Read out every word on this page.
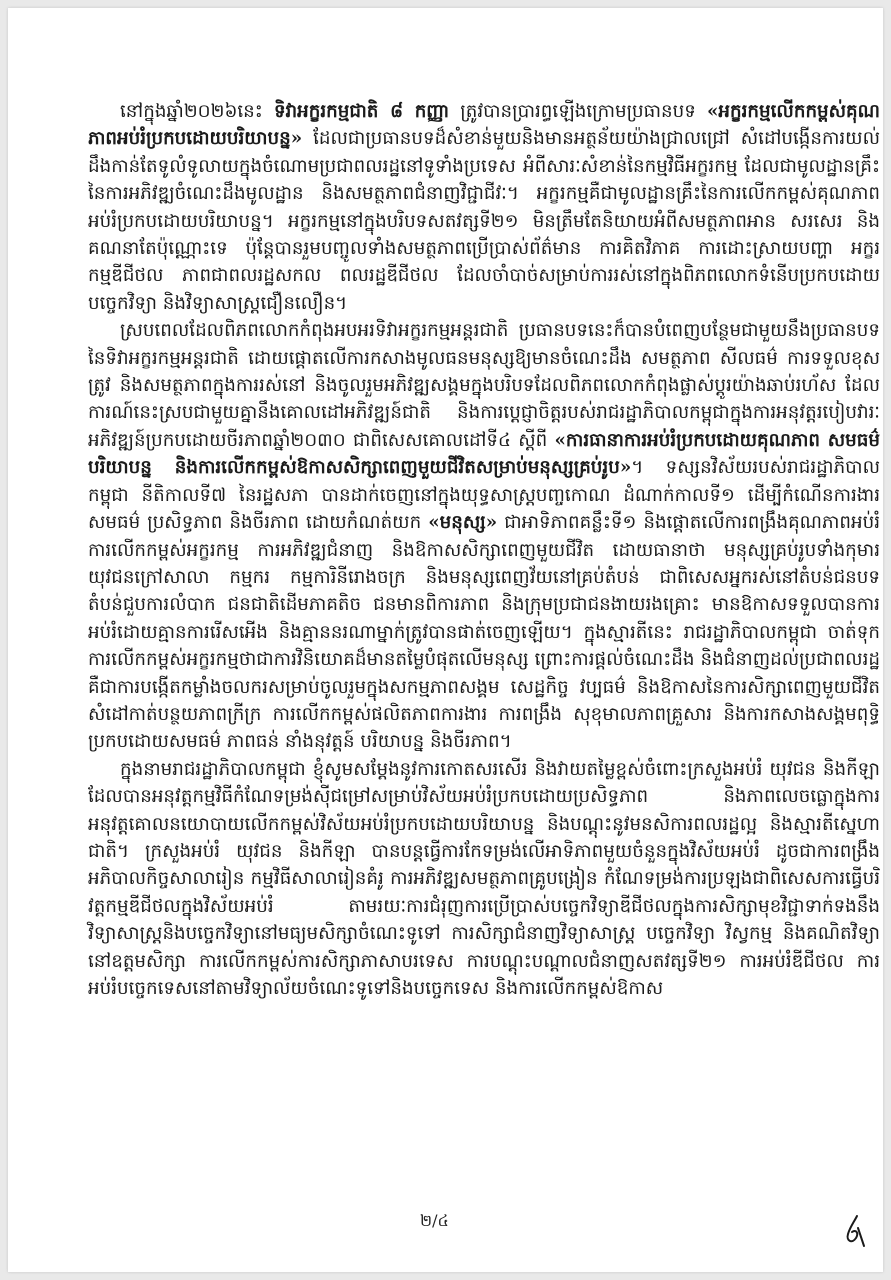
នៅក្នុងឆ្នាំ២០២៦នេះ ទិវាអក្ខរកម្មជាតិ ៨ កញ្ញា ត្រូវបានប្រារព្ធឡើងក្រោមប្រធានបទ «អក្ខរកម្មលើកកម្ពស់គុណភាពអប់រំប្រកបដោយបរិយាបន្ន» ដែលជាប្រធានបទដ៏សំខាន់មួយនិងមានអត្ថន័យយ៉ាងជ្រាលជ្រៅ សំដៅបង្កើនការយល់ដឹងកាន់តែទូលំទូលាយក្នុងចំណោមប្រជាពលរដ្ឋនៅទូទាំងប្រទេស អំពីសារៈសំខាន់នៃកម្មវិធីអក្ខរកម្ម ដែលជាមូលដ្ឋានគ្រឹះនៃការអភិវឌ្ឍចំណេះដឹងមូលដ្ឋាន និងសមត្ថភាពជំនាញវិជ្ជាជីវៈ។ អក្ខរកម្មគឺជាមូលដ្ឋានគ្រឹះនៃការលើកកម្ពស់គុណភាពអប់រំប្រកបដោយបរិយាបន្ន។ អក្ខរកម្មនៅក្នុងបរិបទសតវត្សទី២១ មិនត្រឹមតែនិយាយអំពីសមត្ថភាពអាន សរសេរ និងគណនាតែប៉ុណ្ណោះទេ ប៉ុន្តែបានរួមបញ្ចូលទាំងសមត្ថភាពប្រើប្រាស់ព័ត៌មាន ការគិតវិភាគ ការដោះស្រាយបញ្ហា អក្ខរកម្មឌីជីថល ភាពជាពលរដ្ឋសកល ពលរដ្ឋឌីជីថល ដែលចាំបាច់សម្រាប់ការរស់នៅក្នុងពិភពលោកទំនើបប្រកបដោយបច្ចេកវិទ្យា និងវិទ្យាសាស្ត្រជឿនលឿន។

ស្របពេលដែលពិភពលោកកំពុងអបអរទិវាអក្ខរកម្មអន្តរជាតិ ប្រធានបទនេះក៏បានបំពេញបន្ថែមជាមួយនឹងប្រធានបទនៃទិវាអក្ខរកម្មអន្តរជាតិ ដោយផ្តោតលើការកសាងមូលធនមនុស្សឱ្យមានចំណេះដឹង សមត្ថភាព សីលធម៌ ការទទួលខុសត្រូវ និងសមត្ថភាពក្នុងការរស់នៅ និងចូលរួមអភិវឌ្ឍសង្គមក្នុងបរិបទដែលពិភពលោកកំពុងផ្លាស់ប្តូរយ៉ាងឆាប់រហ័ស ដែលការណ៍នេះស្របជាមួយគ្នានឹងគោលដៅអភិវឌ្ឍន៍ជាតិ និងការប្តេជ្ញាចិត្តរបស់រាជរដ្ឋាភិបាលកម្ពុជាក្នុងការអនុវត្តរបៀបវារៈអភិវឌ្ឍន៍ប្រកបដោយចីរភាពឆ្នាំ២០៣០ ជាពិសេសគោលដៅទី៤ ស្តីពី «ការធានាការអប់រំប្រកបដោយគុណភាព សមធម៌ បរិយាបន្ន និងការលើកកម្ពស់ឱកាសសិក្សាពេញមួយជីវិតសម្រាប់មនុស្សគ្រប់រូប»។ ទស្សនវិស័យរបស់រាជរដ្ឋាភិបាលកម្ពុជា នីតិកាលទី៧ នៃរដ្ឋសភា បានដាក់ចេញនៅក្នុងយុទ្ធសាស្ត្របញ្ចកោណ ដំណាក់កាលទី១ ដើម្បីកំណើនការងារ សមធម៌ ប្រសិទ្ធភាព និងចីរភាព ដោយកំណត់យក «មនុស្ស» ជាអាទិភាពគន្លឹះទី១ និងផ្តោតលើការពង្រឹងគុណភាពអប់រំ ការលើកកម្ពស់អក្ខរកម្ម ការអភិវឌ្ឍជំនាញ និងឱកាសសិក្សាពេញមួយជីវិត ដោយធានាថា មនុស្សគ្រប់រូបទាំងកុមារ យុវជនក្រៅសាលា កម្មករ កម្មការិនីរោងចក្រ និងមនុស្សពេញវ័យនៅគ្រប់តំបន់ ជាពិសេសអ្នករស់នៅតំបន់ជនបទ តំបន់ជួបការលំបាក ជនជាតិដើមភាគតិច ជនមានពិការភាព និងក្រុមប្រជាជនងាយរងគ្រោះ មានឱកាសទទួលបានការអប់រំដោយគ្មានការរើសអើង និងគ្មាននរណាម្នាក់ត្រូវបានផាត់ចេញឡើយ។ ក្នុងស្មារតីនេះ រាជរដ្ឋាភិបាលកម្ពុជា ចាត់ទុកការលើកកម្ពស់អក្ខរកម្មថាជាការវិនិយោគដ៏មានតម្លៃបំផុតលើមនុស្ស ព្រោះការផ្តល់ចំណេះដឹង និងជំនាញដល់ប្រជាពលរដ្ឋ គឺជាការបង្កើតកម្លាំងចលករសម្រាប់ចូលរួមក្នុងសកម្មភាពសង្គម សេដ្ឋកិច្ច វប្បធម៌ និងឱកាសនៃការសិក្សាពេញមួយជីវិត សំដៅកាត់បន្ថយភាពក្រីក្រ ការលើកកម្ពស់ផលិតភាពការងារ ការពង្រឹង សុខុមាលភាពគ្រួសារ និងការកសាងសង្គមពុទ្ធិប្រកបដោយសមធម៌ ភាពធន់ នាំងនុវត្តន៍ បរិយាបន្ន និងចីរភាព។

ក្នុងនាមរាជរដ្ឋាភិបាលកម្ពុជា ខ្ញុំសូមសម្តែងនូវការកោតសរសើរ និងវាយតម្លៃខ្ពស់ចំពោះក្រសួងអប់រំ យុវជន និងកីឡា ដែលបានអនុវត្តកម្មវិធីកំណែទម្រង់ស៊ីជម្រៅសម្រាប់វិស័យអប់រំប្រកបដោយប្រសិទ្ធភាព និងភាពលេចធ្លោក្នុងការអនុវត្តគោលនយោបាយលើកកម្ពស់វិស័យអប់រំប្រកបដោយបរិយាបន្ន និងបណ្តុះនូវមនសិការពលរដ្ឋល្អ និងស្មារតីស្នេហាជាតិ។ ក្រសួងអប់រំ យុវជន និងកីឡា បានបន្តធ្វើការកែទម្រង់លើអាទិភាពមួយចំនួនក្នុងវិស័យអប់រំ ដូចជាការពង្រឹងអភិបាលកិច្ចសាលារៀន កម្មវិធីសាលារៀនគំរូ ការអភិវឌ្ឍសមត្ថភាពគ្រូបង្រៀន កំណែទម្រង់ការប្រឡងជាពិសេសការធ្វើបរិវត្តកម្មឌីជីថលក្នុងវិស័យអប់រំ តាមរយៈការជំរុញការប្រើប្រាស់បច្ចេកវិទ្យាឌីជីថលក្នុងការសិក្សាមុខវិជ្ជាទាក់ទងនឹងវិទ្យាសាស្ត្រនិងបច្ចេកវិទ្យានៅមធ្យមសិក្សាចំណេះទូទៅ ការសិក្សាជំនាញវិទ្យាសាស្ត្រ បច្ចេកវិទ្យា វិស្វកម្ម និងគណិតវិទ្យានៅឧត្តមសិក្សា ការលើកកម្ពស់ការសិក្សាភាសាបរទេស ការបណ្តុះបណ្តាលជំនាញសតវត្សទី២១ ការអប់រំឌីជីថល ការអប់រំបច្ចេកទេសនៅតាមវិទ្យាល័យចំណេះទូទៅនិងបច្ចេកទេស និងការលើកកម្ពស់ឱកាស

២/៤
